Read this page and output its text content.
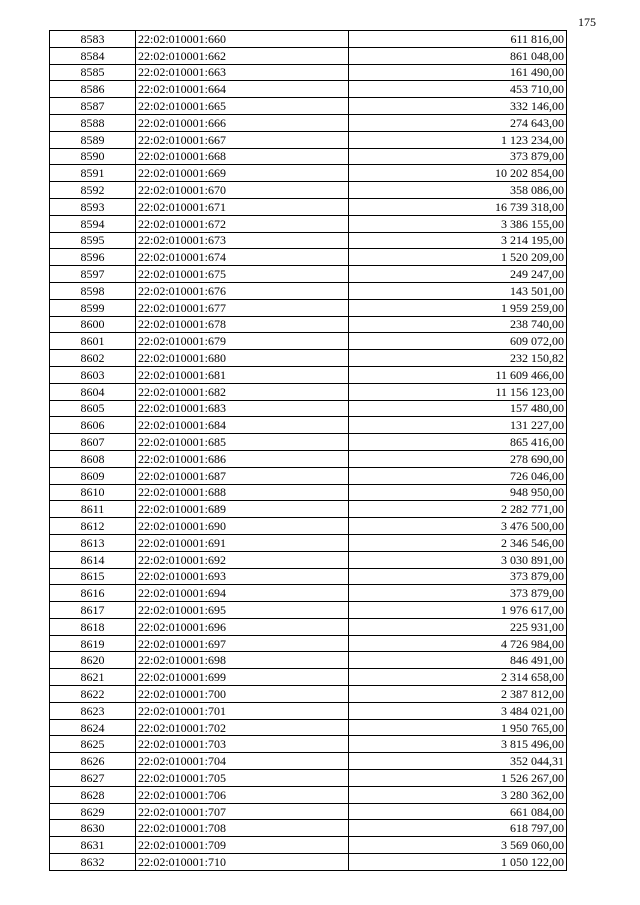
175
8583	22:02:010001:660	611 816,00
8584	22:02:010001:662	861 048,00
8585	22:02:010001:663	161 490,00
8586	22:02:010001:664	453 710,00
8587	22:02:010001:665	332 146,00
8588	22:02:010001:666	274 643,00
8589	22:02:010001:667	1 123 234,00
8590	22:02:010001:668	373 879,00
8591	22:02:010001:669	10 202 854,00
8592	22:02:010001:670	358 086,00
8593	22:02:010001:671	16 739 318,00
8594	22:02:010001:672	3 386 155,00
8595	22:02:010001:673	3 214 195,00
8596	22:02:010001:674	1 520 209,00
8597	22:02:010001:675	249 247,00
8598	22:02:010001:676	143 501,00
8599	22:02:010001:677	1 959 259,00
8600	22:02:010001:678	238 740,00
8601	22:02:010001:679	609 072,00
8602	22:02:010001:680	232 150,82
8603	22:02:010001:681	11 609 466,00
8604	22:02:010001:682	11 156 123,00
8605	22:02:010001:683	157 480,00
8606	22:02:010001:684	131 227,00
8607	22:02:010001:685	865 416,00
8608	22:02:010001:686	278 690,00
8609	22:02:010001:687	726 046,00
8610	22:02:010001:688	948 950,00
8611	22:02:010001:689	2 282 771,00
8612	22:02:010001:690	3 476 500,00
8613	22:02:010001:691	2 346 546,00
8614	22:02:010001:692	3 030 891,00
8615	22:02:010001:693	373 879,00
8616	22:02:010001:694	373 879,00
8617	22:02:010001:695	1 976 617,00
8618	22:02:010001:696	225 931,00
8619	22:02:010001:697	4 726 984,00
8620	22:02:010001:698	846 491,00
8621	22:02:010001:699	2 314 658,00
8622	22:02:010001:700	2 387 812,00
8623	22:02:010001:701	3 484 021,00
8624	22:02:010001:702	1 950 765,00
8625	22:02:010001:703	3 815 496,00
8626	22:02:010001:704	352 044,31
8627	22:02:010001:705	1 526 267,00
8628	22:02:010001:706	3 280 362,00
8629	22:02:010001:707	661 084,00
8630	22:02:010001:708	618 797,00
8631	22:02:010001:709	3 569 060,00
8632	22:02:010001:710	1 050 122,00
